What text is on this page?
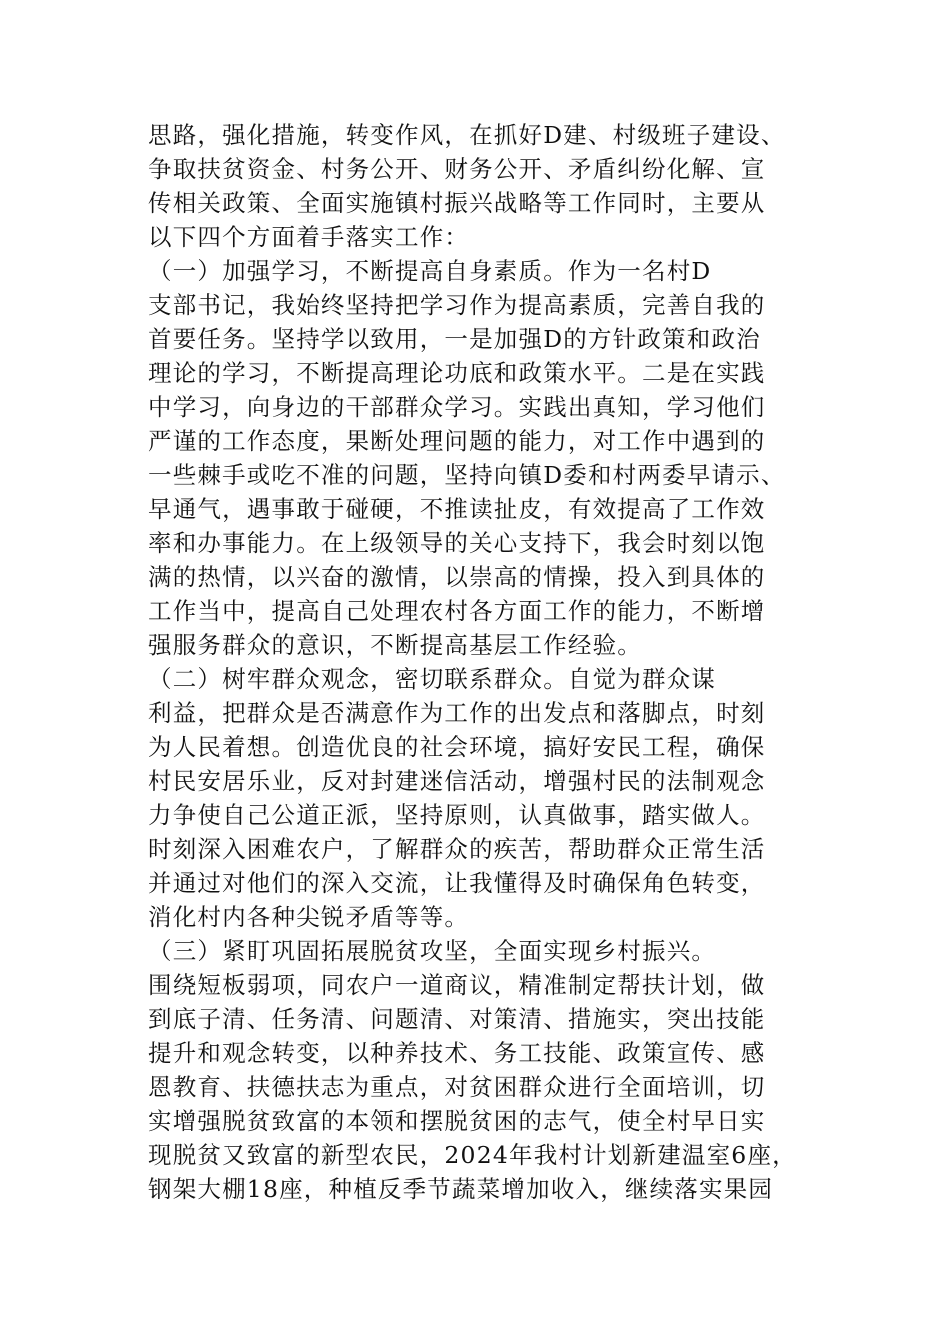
思路，强化措施，转变作风，在抓好D建、村级班子建设、
争取扶贫资金、村务公开、财务公开、矛盾纠纷化解、宣
传相关政策、全面实施镇村振兴战略等工作同时，主要从
以下四个方面着手落实工作：

（一）加强学习，不断提高自身素质。作为一名村D
支部书记，我始终坚持把学习作为提高素质，完善自我的
首要任务。坚持学以致用，一是加强D的方针政策和政治
理论的学习，不断提高理论功底和政策水平。二是在实践
中学习，向身边的干部群众学习。实践出真知，学习他们
严谨的工作态度，果断处理问题的能力，对工作中遇到的
一些棘手或吃不准的问题，坚持向镇D委和村两委早请示、
早通气，遇事敢于碰硬，不推读扯皮，有效提高了工作效
率和办事能力。在上级领导的关心支持下，我会时刻以饱
满的热情，以兴奋的激情，以崇高的情操，投入到具体的
工作当中，提高自己处理农村各方面工作的能力，不断增
强服务群众的意识，不断提高基层工作经验。

（二）树牢群众观念，密切联系群众。自觉为群众谋
利益，把群众是否满意作为工作的出发点和落脚点，时刻
为人民着想。创造优良的社会环境，搞好安民工程，确保
村民安居乐业，反对封建迷信活动，增强村民的法制观念
力争使自己公道正派，坚持原则，认真做事，踏实做人。
时刻深入困难农户，了解群众的疾苦，帮助群众正常生活
并通过对他们的深入交流，让我懂得及时确保角色转变，
消化村内各种尖锐矛盾等等。

（三）紧盯巩固拓展脱贫攻坚，全面实现乡村振兴。
围绕短板弱项，同农户一道商议，精准制定帮扶计划，做
到底子清、任务清、问题清、对策清、措施实，突出技能
提升和观念转变，以种养技术、务工技能、政策宣传、感
恩教育、扶德扶志为重点，对贫困群众进行全面培训，切
实增强脱贫致富的本领和摆脱贫困的志气，使全村早日实
现脱贫又致富的新型农民，2024年我村计划新建温室6座，
钢架大棚18座，种植反季节蔬菜增加收入，继续落实果园
